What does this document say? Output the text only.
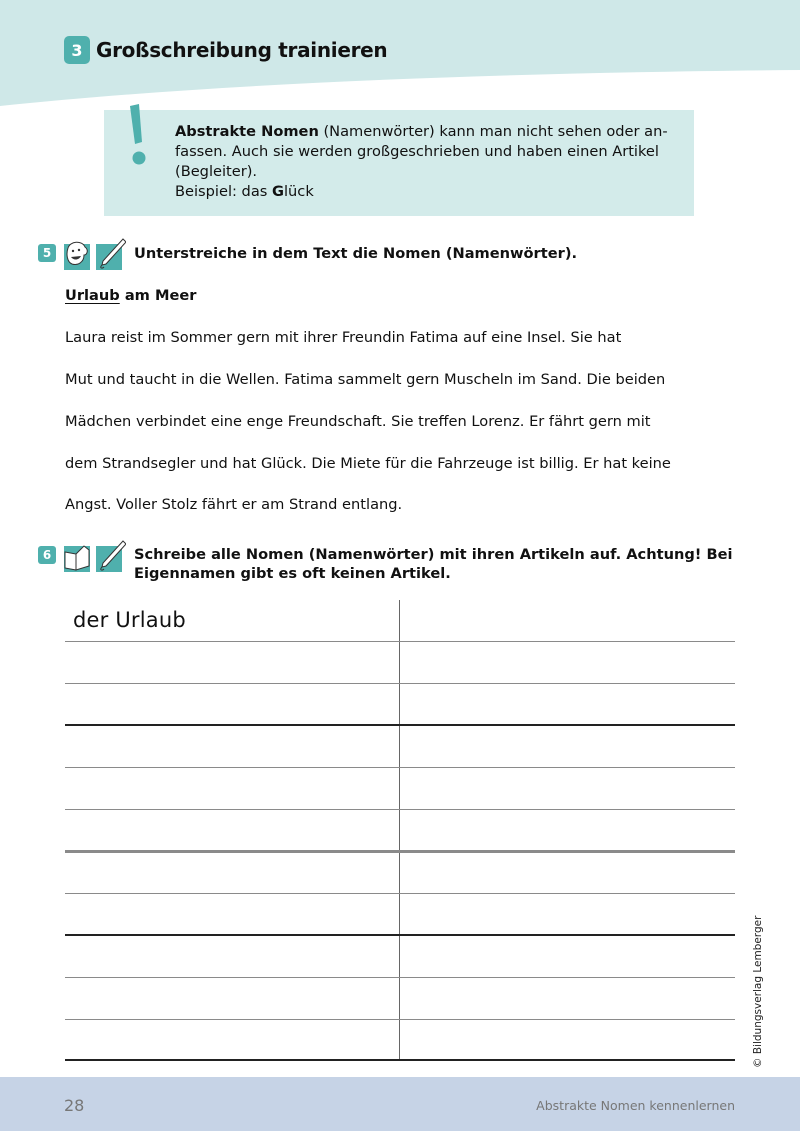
3 Großschreibung trainieren
Abstrakte Nomen (Namenwörter) kann man nicht sehen oder an-
fassen. Auch sie werden großgeschrieben und haben einen Artikel
(Begleiter).
Beispiel: das Glück
5	Unterstreiche in dem Text die Nomen (Namenwörter).
Urlaub am Meer
Laura reist im Sommer gern mit ihrer Freundin Fatima auf eine Insel. Sie hat
Mut und taucht in die Wellen. Fatima sammelt gern Muscheln im Sand. Die beiden
Mädchen verbindet eine enge Freundschaft. Sie treffen Lorenz. Er fährt gern mit
dem Strandsegler und hat Glück. Die Miete für die Fahrzeuge ist billig. Er hat keine
Angst. Voller Stolz fährt er am Strand entlang.
6	Schreibe alle Nomen (Namenwörter) mit ihren Artikeln auf. Achtung! Bei
Eigennamen gibt es oft keinen Artikel.
der Urlaub
© Bildungsverlag Lemberger
28	Abstrakte Nomen kennenlernen
